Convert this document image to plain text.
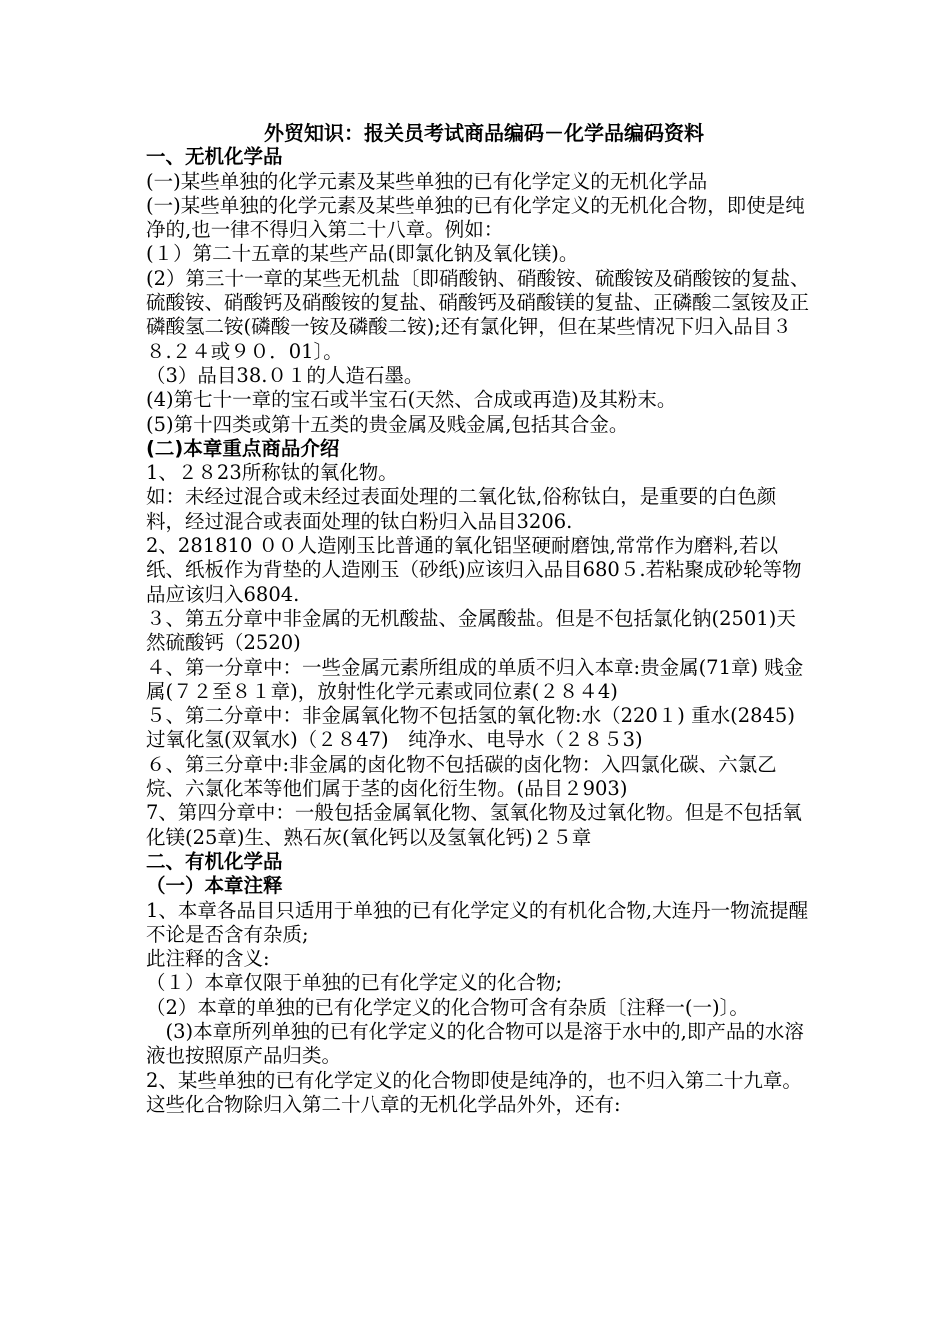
外贸知识：报关员考试商品编码－化学品编码资料
一、无机化学品
(一)某些单独的化学元素及某些单独的已有化学定义的无机化学品
(一)某些单独的化学元素及某些单独的已有化学定义的无机化合物，即使是纯净的,也一律不得归入第二十八章。例如：
(１）第二十五章的某些产品(即氯化钠及氧化镁)。
(2）第三十一章的某些无机盐〔即硝酸钠、硝酸铵、硫酸铵及硝酸铵的复盐、硫酸铵、硝酸钙及硝酸铵的复盐、硝酸钙及硝酸镁的复盐、正磷酸二氢铵及正磷酸氢二铵(磷酸一铵及磷酸二铵);还有氯化钾，但在某些情况下归入品目３８.２４或９０．01〕。
（3）品目38.０１的人造石墨。
(4)第七十一章的宝石或半宝石(天然、合成或再造)及其粉末。
(5)第十四类或第十五类的贵金属及贱金属,包括其合金。
(二)本章重点商品介绍
1、２８23所称钛的氧化物。
如：未经过混合或未经过表面处理的二氧化钛,俗称钛白，是重要的白色颜料，经过混合或表面处理的钛白粉归入品目3206.
2、281810 ００人造刚玉比普通的氧化铝坚硬耐磨蚀,常常作为磨料,若以纸、纸板作为背垫的人造刚玉（砂纸)应该归入品目680５.若粘聚成砂轮等物品应该归入6804.
３、第五分章中非金属的无机酸盐、金属酸盐。但是不包括氯化钠(2501)天然硫酸钙（2520)
４、第一分章中：一些金属元素所组成的单质不归入本章:贵金属(71章) 贱金属(７２至８１章)，放射性化学元素或同位素(２８４4)
５、第二分章中：非金属氧化物不包括氢的氧化物:水（220１) 重水(2845) 过氧化氢(双氧水)（２８47)　纯净水、电导水（２８５3)
６、第三分章中:非金属的卤化物不包括碳的卤化物：入四氯化碳、六氯乙烷、六氯化苯等他们属于茎的卤化衍生物。(品目２903)
7、第四分章中：一般包括金属氧化物、氢氧化物及过氧化物。但是不包括氧化镁(25章)生、熟石灰(氧化钙以及氢氧化钙)２５章
二、有机化学品
（一）本章注释
1、本章各品目只适用于单独的已有化学定义的有机化合物,大连丹一物流提醒不论是否含有杂质;
此注释的含义:
（１）本章仅限于单独的已有化学定义的化合物;
（2）本章的单独的已有化学定义的化合物可含有杂质〔注释一(一)〕。
　(3)本章所列单独的已有化学定义的化合物可以是溶于水中的,即产品的水溶液也按照原产品归类。
2、某些单独的已有化学定义的化合物即使是纯净的，也不归入第二十九章。这些化合物除归入第二十八章的无机化学品外外，还有:
